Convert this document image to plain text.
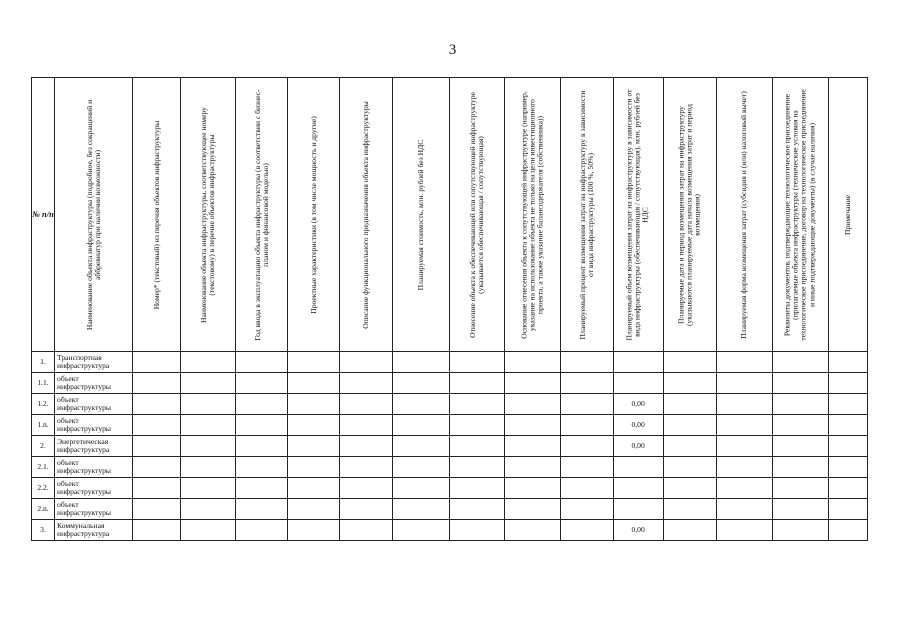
3
№ п/п	Наименование объекта инфраструктуры (подробное, без сокращений и аббревиатур при наличии возможности)	Номер* (текстовый) из перечня объектов инфраструктуры	Наименование объекта инфраструктуры, соответствующее номеру (текстовому) в перечне объектов инфраструктуры	Год ввода в эксплуатацию объекта инфраструктуры (в соответствии с бизнес-планом и финансовой моделью)	Проектные характеристики (в том числе мощность и другие)	Описание функционального предназначения объекта инфраструктуры	Планируемая стоимость, млн. рублей без НДС	Отнесение объекта к обеспечивающей или сопутствующей инфраструктуре (указывается обеспечивающая / сопутствующая)	Основание отнесения объекта к сопутствующей инфраструктуре (например, указание на использование объекта не только на цели инвестиционного проекта, а также указание балансодержателя (собственника))	Планируемый процент возмещения затрат на инфраструктуру в зависимости от вида инфраструктуры (100 %, 50%)	Планируемый объем возмещения затрат на инфраструктуру в зависимости от вида инфраструктуры (обеспечивающая / сопутствующая), млн. рублей без НДС	Планируемые дата и период возмещения затрат на инфраструктуру (указываются планируемые дата начала возмещения затрат и период возмещения)	Планируемая форма возмещения затрат (субсидия и (или) налоговый вычет)	Реквизиты документов, подтверждающие технологическое присоединение (прилагаемые объекта инфраструктуры (технические условия на технологическое присоединение, договор на технологическое присоединение и иные подтверждающие документы) (в случае наличия)	Примечание

1.	Транспортная инфраструктура														
1.1.	объект инфраструктуры														
1.2.	объект инфраструктуры										0,00				
1.n.	объект инфраструктуры										0,00				
2.	Энергетическая инфраструктура										0,00				
2.1.	объект инфраструктуры														
2.2.	объект инфраструктуры														
2.n.	объект инфраструктуры														
3.	Коммунальная инфраструктура										0,00				
